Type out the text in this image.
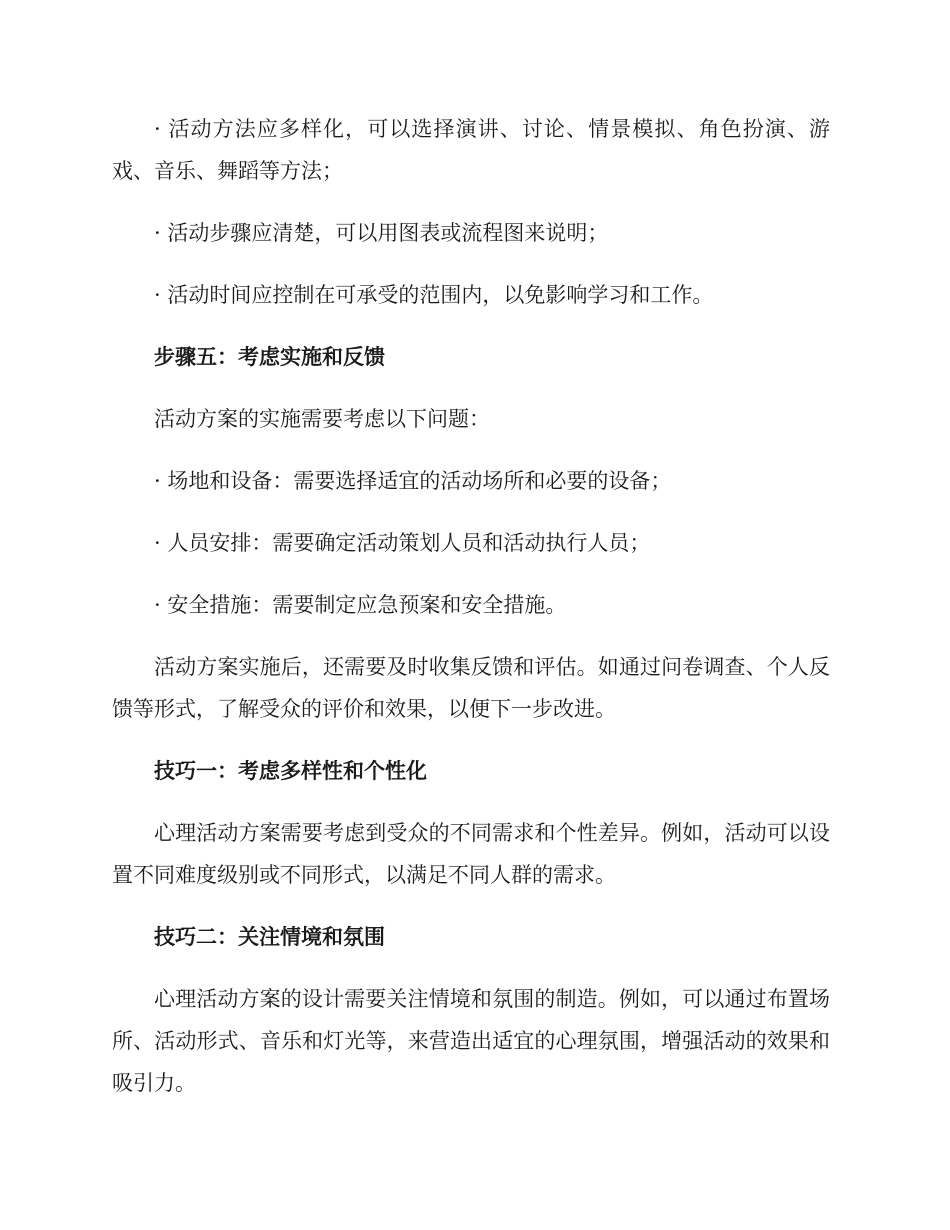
· 活动方法应多样化，可以选择演讲、讨论、情景模拟、角色扮演、游戏、音乐、舞蹈等方法；

· 活动步骤应清楚，可以用图表或流程图来说明；

· 活动时间应控制在可承受的范围内，以免影响学习和工作。

步骤五：考虑实施和反馈

活动方案的实施需要考虑以下问题：

· 场地和设备：需要选择适宜的活动场所和必要的设备；

· 人员安排：需要确定活动策划人员和活动执行人员；

· 安全措施：需要制定应急预案和安全措施。

活动方案实施后，还需要及时收集反馈和评估。如通过问卷调查、个人反馈等形式，了解受众的评价和效果，以便下一步改进。

技巧一：考虑多样性和个性化

心理活动方案需要考虑到受众的不同需求和个性差异。例如，活动可以设置不同难度级别或不同形式，以满足不同人群的需求。

技巧二：关注情境和氛围

心理活动方案的设计需要关注情境和氛围的制造。例如，可以通过布置场所、活动形式、音乐和灯光等，来营造出适宜的心理氛围，增强活动的效果和吸引力。
